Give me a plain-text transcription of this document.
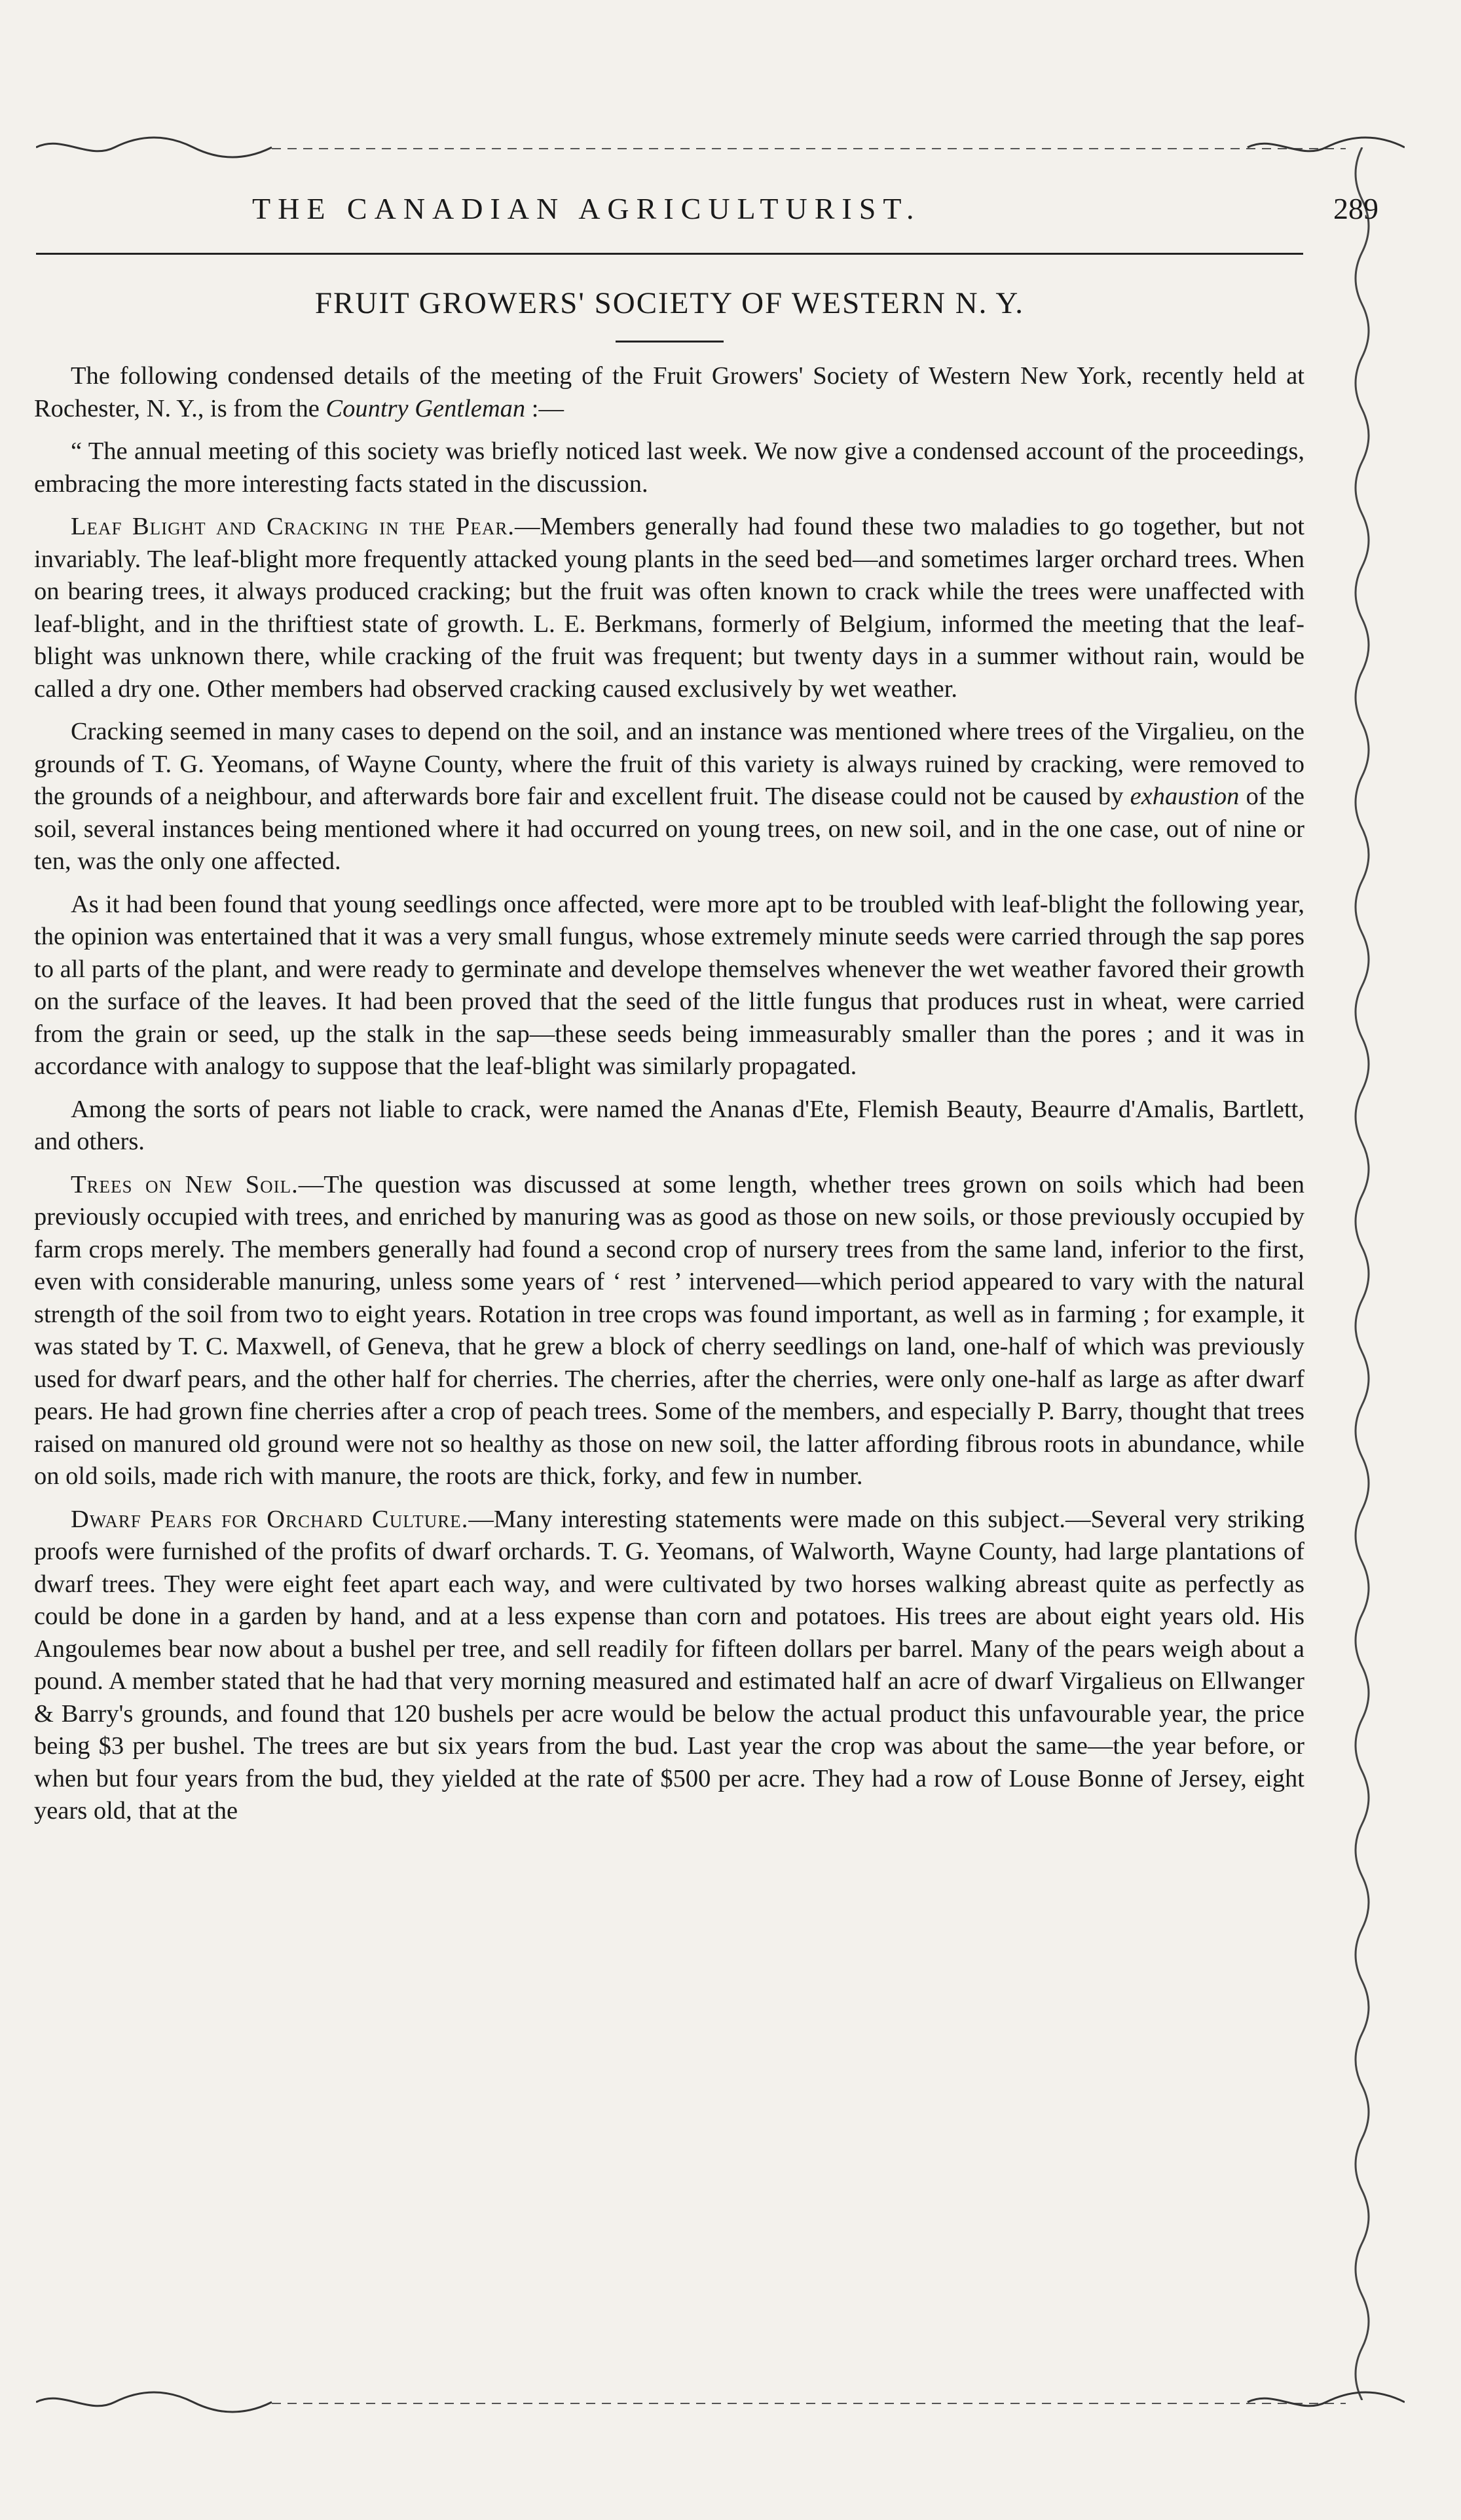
THE CANADIAN AGRICULTURIST.	289
FRUIT GROWERS' SOCIETY OF WESTERN N. Y.

The following condensed details of the meeting of the Fruit Growers' Society of Western New York, recently held at Rochester, N. Y., is from the Country Gentleman :—

“ The annual meeting of this society was briefly noticed last week. We now give a condensed account of the proceedings, embracing the more interesting facts stated in the discussion.

Leaf Blight and Cracking in the Pear.—Members generally had found these two maladies to go together, but not invariably. The leaf-blight more frequently attacked young plants in the seed bed—and sometimes larger orchard trees. When on bearing trees, it always produced cracking; but the fruit was often known to crack while the trees were unaffected with leaf-blight, and in the thriftiest state of growth. L. E. Berkmans, formerly of Belgium, informed the meeting that the leaf-blight was unknown there, while cracking of the fruit was frequent; but twenty days in a summer without rain, would be called a dry one. Other members had observed cracking caused exclusively by wet weather.

Cracking seemed in many cases to depend on the soil, and an instance was mentioned where trees of the Virgalieu, on the grounds of T. G. Yeomans, of Wayne County, where the fruit of this variety is always ruined by cracking, were removed to the grounds of a neighbour, and afterwards bore fair and excellent fruit. The disease could not be caused by exhaustion of the soil, several instances being mentioned where it had occurred on young trees, on new soil, and in the one case, out of nine or ten, was the only one affected.

As it had been found that young seedlings once affected, were more apt to be troubled with leaf-blight the following year, the opinion was entertained that it was a very small fungus, whose extremely minute seeds were carried through the sap pores to all parts of the plant, and were ready to germinate and develope themselves whenever the wet weather favored their growth on the surface of the leaves. It had been proved that the seed of the little fungus that produces rust in wheat, were carried from the grain or seed, up the stalk in the sap—these seeds being immeasurably smaller than the pores ; and it was in accordance with analogy to suppose that the leaf-blight was similarly propagated.

Among the sorts of pears not liable to crack, were named the Ananas d'Ete, Flemish Beauty, Beaurre d'Amalis, Bartlett, and others.

Trees on New Soil.—The question was discussed at some length, whether trees grown on soils which had been previously occupied with trees, and enriched by manuring was as good as those on new soils, or those previously occupied by farm crops merely. The members generally had found a second crop of nursery trees from the same land, inferior to the first, even with considerable manuring, unless some years of ‘ rest ’ intervened—which period appeared to vary with the natural strength of the soil from two to eight years. Rotation in tree crops was found important, as well as in farming ; for example, it was stated by T. C. Maxwell, of Geneva, that he grew a block of cherry seedlings on land, one-half of which was previously used for dwarf pears, and the other half for cherries. The cherries, after the cherries, were only one-half as large as after dwarf pears. He had grown fine cherries after a crop of peach trees. Some of the members, and especially P. Barry, thought that trees raised on manured old ground were not so healthy as those on new soil, the latter affording fibrous roots in abundance, while on old soils, made rich with manure, the roots are thick, forky, and few in number.

Dwarf Pears for Orchard Culture.—Many interesting statements were made on this subject.—Several very striking proofs were furnished of the profits of dwarf orchards. T. G. Yeomans, of Walworth, Wayne County, had large plantations of dwarf trees. They were eight feet apart each way, and were cultivated by two horses walking abreast quite as perfectly as could be done in a garden by hand, and at a less expense than corn and potatoes. His trees are about eight years old. His Angoulemes bear now about a bushel per tree, and sell readily for fifteen dollars per barrel. Many of the pears weigh about a pound. A member stated that he had that very morning measured and estimated half an acre of dwarf Virgalieus on Ellwanger & Barry's grounds, and found that 120 bushels per acre would be below the actual product this unfavourable year, the price being $3 per bushel. The trees are but six years from the bud. Last year the crop was about the same—the year before, or when but four years from the bud, they yielded at the rate of $500 per acre. They had a row of Louse Bonne of Jersey, eight years old, that at the
